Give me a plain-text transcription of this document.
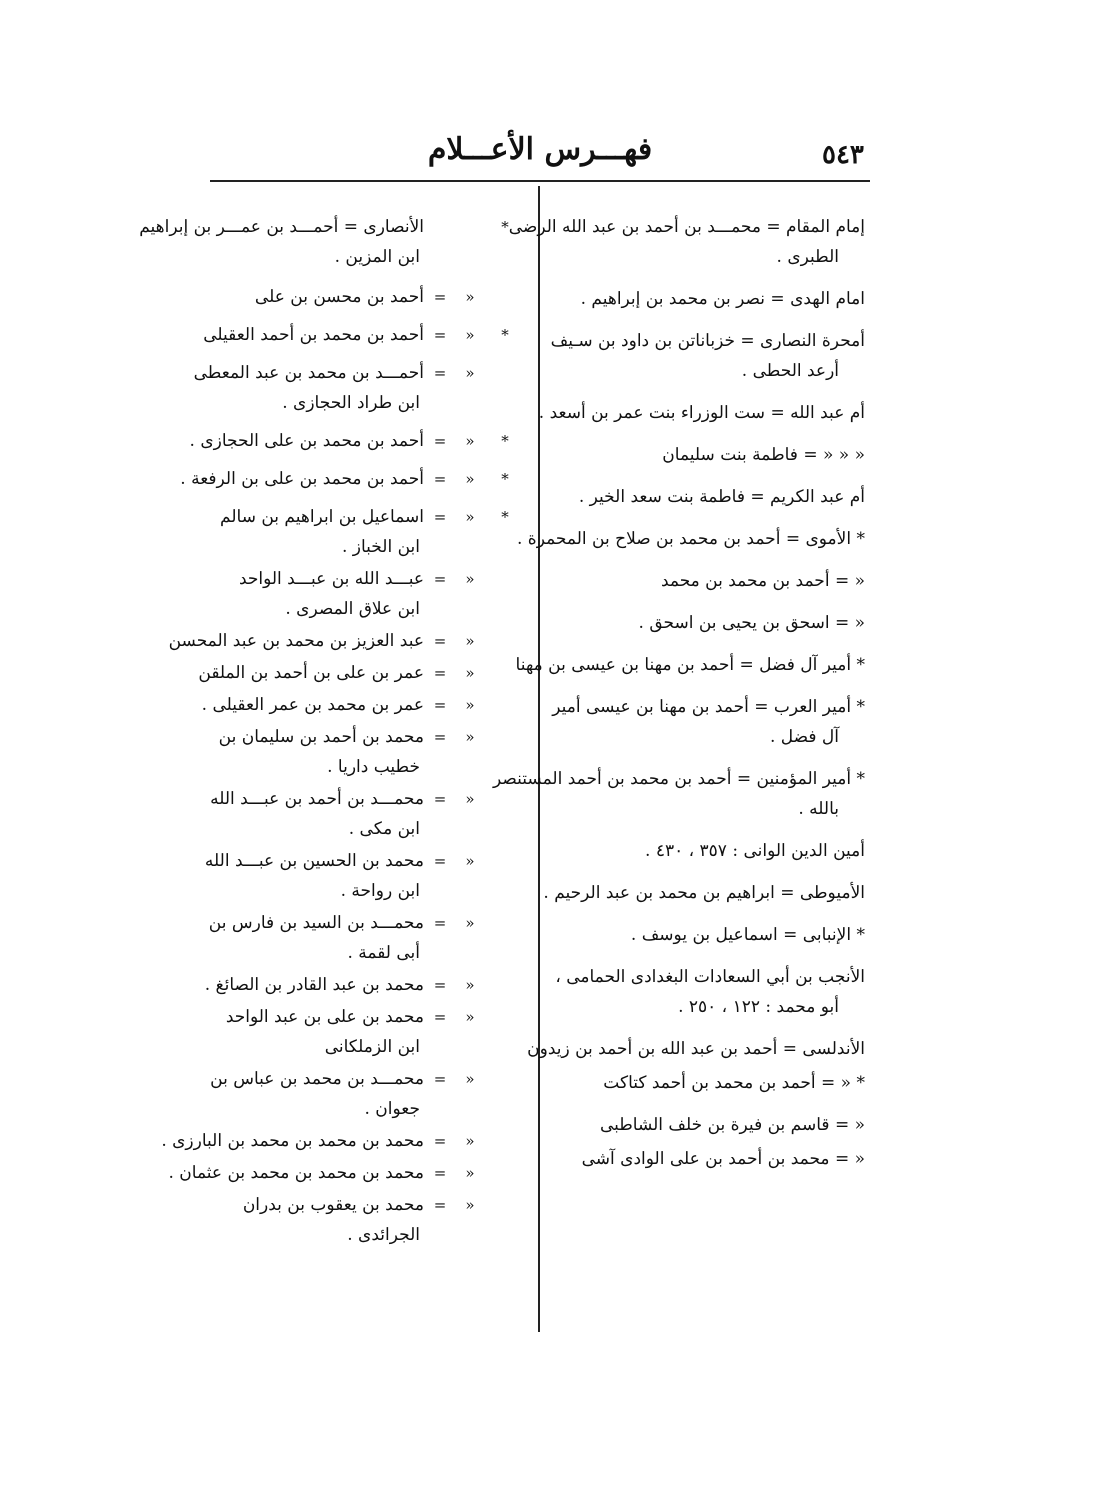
٥٤٣
فهـــرس الأعـــلام
إمام المقام = محمـــد بن أحمد بن عبد الله الرضى
الطبرى .
امام الهدى = نصر بن محمد بن إبراهيم .
أمحرة النصارى = خزباناتن بن داود بن سـيف
أرعد الحطى .
أم عبد الله = ست الوزراء بنت عمر بن أسعد .
« « « = فاطمة بنت سليمان
أم عبد الكريم = فاطمة بنت سعد الخير .
* الأموى = أحمد بن محمد بن صلاح بن المحمرة .
« = أحمد بن محمد بن محمد
« = اسحق بن يحيى بن اسحق .
* أمير آل فضل = أحمد بن مهنا بن عيسى بن مهنا
* أمير العرب = أحمد بن مهنا بن عيسى أمير
آل فضل .
* أمير المؤمنين = أحمد بن محمد بن أحمد المستنصر
بالله .
أمين الدين الوانى : ٣٥٧ ، ٤٣٠ .
الأميوطى = ابراهيم بن محمد بن عبد الرحيم .
* الإنبابى = اسماعيل بن يوسف .
الأنجب بن أبي السعادات البغدادى الحمامى ،
أبو محمد : ١٢٢ ، ٢٥٠ .
الأندلسى = أحمد بن عبد الله بن أحمد بن زيدون
* « = أحمد بن محمد بن أحمد كتاكت
« = قاسم بن فيرة بن خلف الشاطبى
« = محمد بن أحمد بن على الوادى آشى
*
الأنصارى = أحمـــد بن عمـــر بن إبراهيم
ابن المزين .
«
=
أحمد بن محسن بن على
*
«
=
أحمد بن محمد بن أحمد العقيلى
«
=
أحمـــد بن محمد بن عبد المعطى
ابن طراد الحجازى .
*
«
=
أحمد بن محمد بن على الحجازى .
*
«
=
أحمد بن محمد بن على بن الرفعة .
*
«
=
اسماعيل بن ابراهيم بن سالم
ابن الخباز .
«
=
عبـــد الله بن عبـــد الواحد
ابن علاق المصرى .
«
=
عبد العزيز بن محمد بن عبد المحسن
«
=
عمر بن على بن أحمد بن الملقن
«
=
عمر بن محمد بن عمر العقيلى .
«
=
محمد بن أحمد بن سليمان بن
خطيب داريا .
«
=
محمـــد بن أحمد بن عبـــد الله
ابن مكى .
«
=
محمد بن الحسين بن عبـــد الله
ابن رواحة .
«
=
محمـــد بن السيد بن فارس بن
أبى لقمة .
«
=
محمد بن عبد القادر بن الصائغ .
«
=
محمد بن على بن عبد الواحد
ابن الزملكانى
«
=
محمـــد بن محمد بن عباس بن
جعوان .
«
=
محمد بن محمد بن محمد بن البارزى .
«
=
محمد بن محمد بن محمد بن عثمان .
«
=
محمد بن يعقوب بن بدران
الجرائدى .
